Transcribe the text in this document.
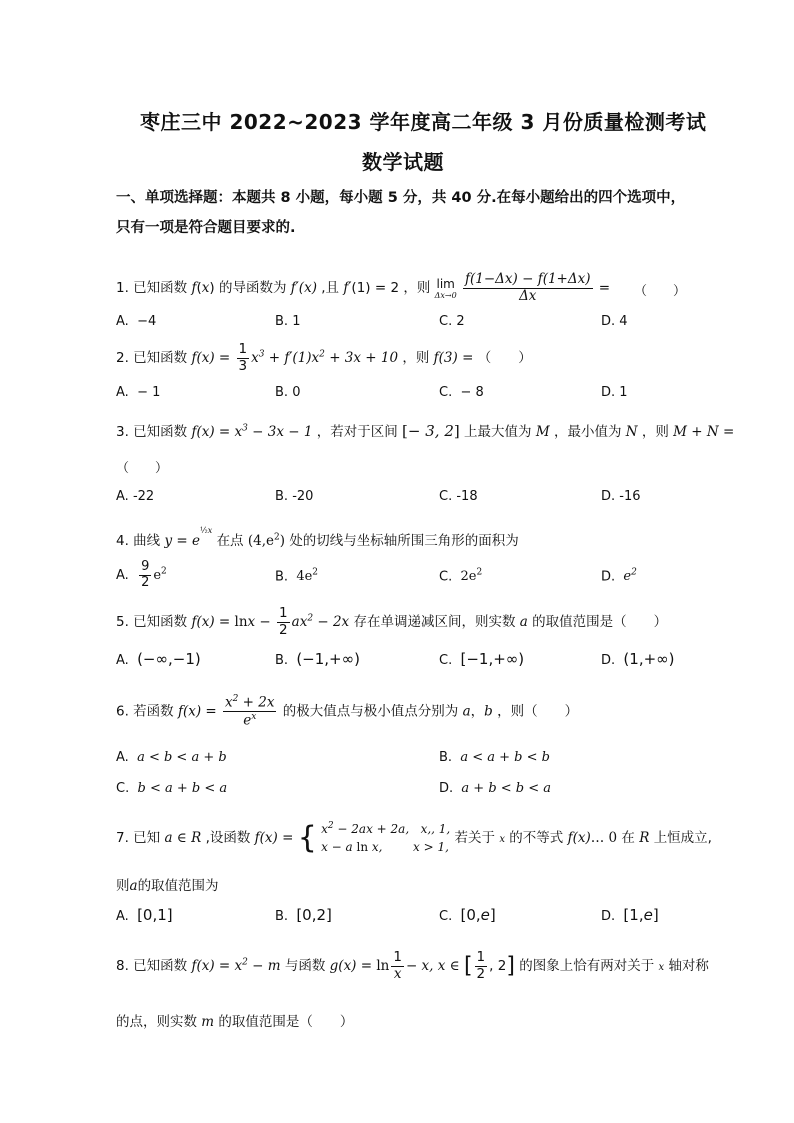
枣庄三中 2022~2023 学年度高二年级 3 月份质量检测考试
数学试题
一、单项选择题：本题共 8 小题，每小题 5 分，共 40 分.在每小题给出的四个选项中，
只有一项是符合题目要求的.
1. 已知函数 f(x) 的导函数为 f′(x) ,且 f′(1) = 2 ，则 lim
Δx→0
$\frac{f(1-\Delta x) - f(1+\Delta x)}{\Delta x}$ = （　　）
A. −4	B. 1	C. 2	D. 4
2. 已知函数 $f(x) = \frac{1}{3} x^3 + f'(1)x^2 + 3x + 10$ ，则 f(3) = （　　）
A. − 1	B. 0	C. − 8	D. 1
3. 已知函数 $f(x) = x^3 - 3x - 1$ ，若对于区间 [− 3, 2] 上最大值为 M ，最小值为 N ，则 M + N =
（　　）
A. -22	B. -20	C. -18	D. -16
4. 曲线 $y = e^{\frac{1}{2}x}$ 在点 $(4,e^2)$ 处的切线与坐标轴所围三角形的面积为
A. $\frac{9}{2} e^2$	B. $4e^2$	C. $2e^2$	D. $e^2$
5. 已知函数 $f(x) = \ln x - \frac{1}{2} ax^2 - 2x$ 存在单调递减区间，则实数 a 的取值范围是（　　）
A. (−∞,−1)	B. (−1,+∞)	C. [−1,+∞)	D. (1,+∞)
6. 若函数 $f(x) = \frac{x^2 + 2x}{e^x}$ 的极大值点与极小值点分别为 a，b ，则（　　）
A. a < b < a + b	B. a < a + b < b
C. b < a + b < a	D. a + b < b < a
7. 已知 a ∈ R ,设函数 f(x) = { $x^2 - 2ax + 2a$,   x,, 1,
x − a ln x,        x > 1,
若关于 x 的不等式 f(x)… 0 在 R 上恒成立,
则a的取值范围为
A. [0,1]	B. [0,2]	C. [0,e]	D. [1,e]
8. 已知函数 $f(x) = x^2 - m$ 与函数 $g(x) = \ln \frac{1}{x} - x$, x ∈ [ $\frac{1}{2}$ , 2] 的图象上恰有两对关于 x 轴对称
的点，则实数 m 的取值范围是（　　）
